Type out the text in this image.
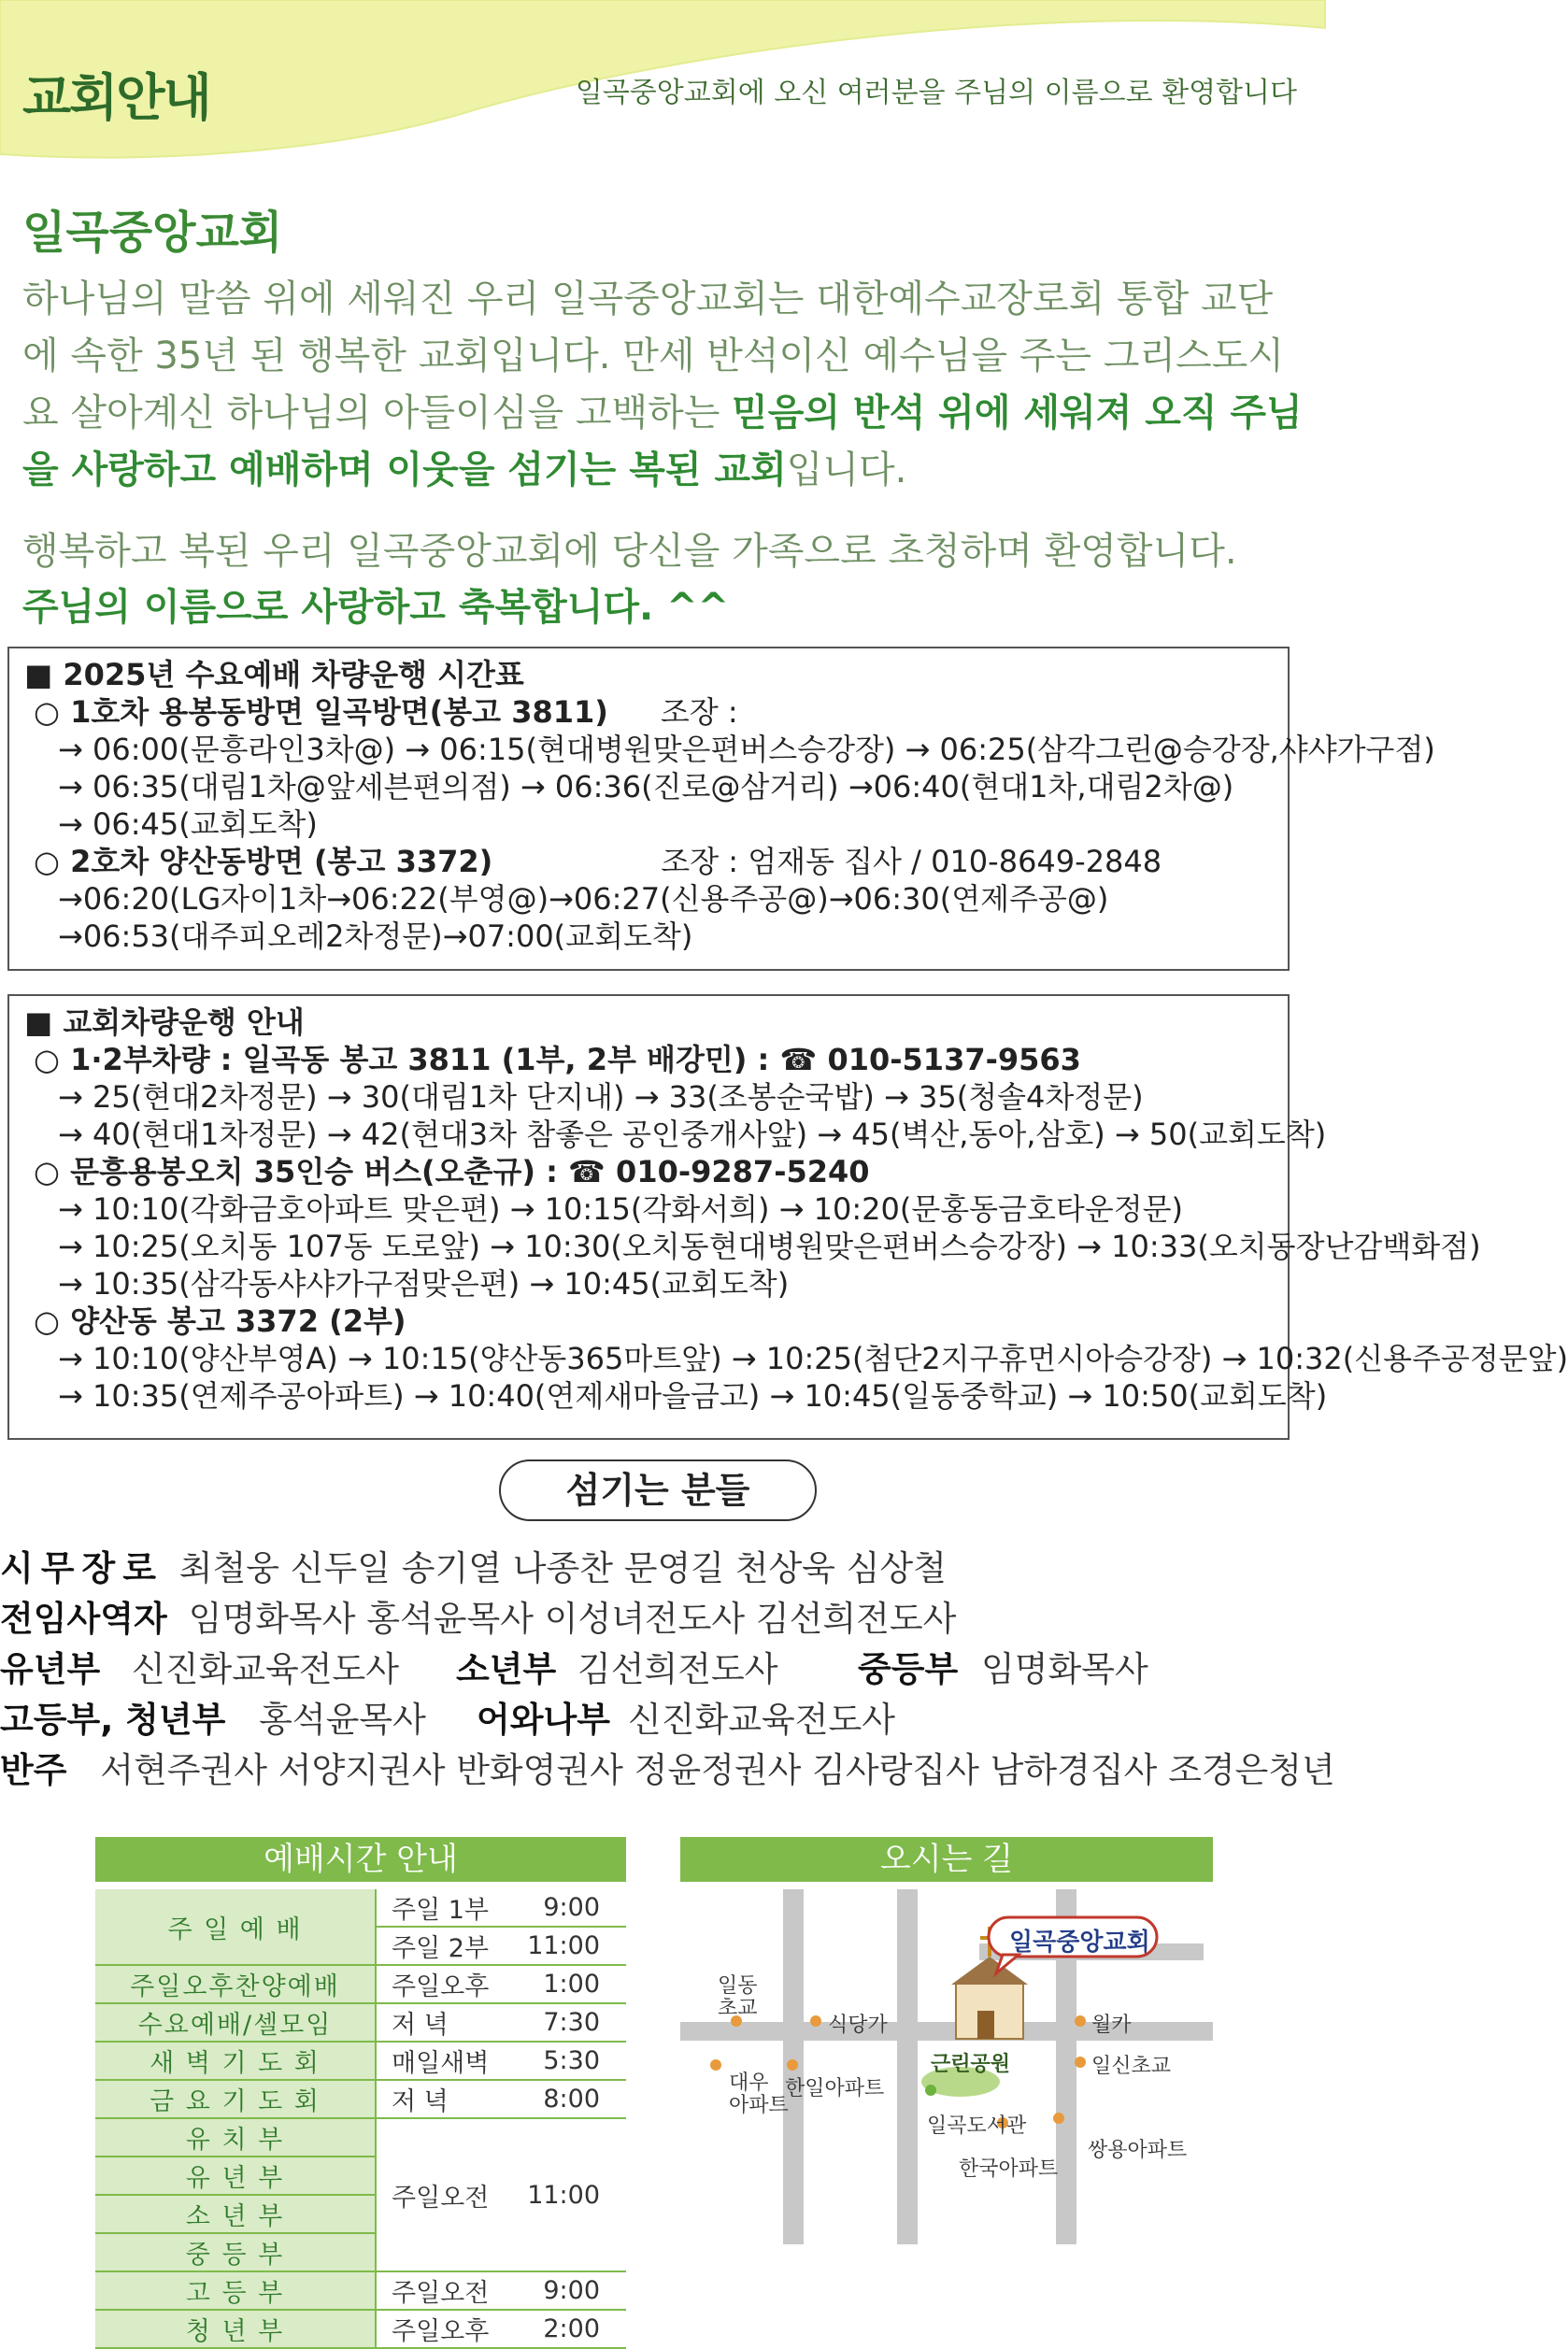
교회안내	일곡중앙교회에 오신 여러분을 주님의 이름으로 환영합니다
일곡중앙교회
하나님의 말씀 위에 세워진 우리 일곡중앙교회는 대한예수교장로회 통합 교단에 속한 35년 된 행복한 교회입니다. 만세 반석이신 예수님을 주는 그리스도시요 살아계신 하나님의 아들이심을 고백하는 믿음의 반석 위에 세워져 오직 주님을 사랑하고 예배하며 이웃을 섬기는 복된 교회입니다.
행복하고 복된 우리 일곡중앙교회에 당신을 가족으로 초청하며 환영합니다.
주님의 이름으로 사랑하고 축복합니다. ^^
■ 2025년 수요예배 차량운행 시간표
○ 1호차 용봉동방면 일곡방면(봉고 3811) 조장 :
→ 06:00(문흥라인3차@) → 06:15(현대병원맞은편버스승강장) → 06:25(삼각그린@승강장,샤샤가구점)
→ 06:35(대림1차@앞세븐편의점) → 06:36(진로@삼거리) →06:40(현대1차,대림2차@)
→ 06:45(교회도착)
○ 2호차 양산동방면 (봉고 3372)	조장 : 엄재동 집사 / 010-8649-2848
→06:20(LG자이1차→06:22(부영@)→06:27(신용주공@)→06:30(연제주공@)
→06:53(대주피오레2차정문)→07:00(교회도착)
■ 교회차량운행 안내
○ 1·2부차량 : 일곡동 봉고 3811 (1부, 2부 배강민) : ☎ 010-5137-9563
→ 25(현대2차정문) → 30(대림1차 단지내) → 33(조봉순국밥) → 35(청솔4차정문)
→ 40(현대1차정문) → 42(현대3차 참좋은 공인중개사앞) → 45(벽산,동아,삼호) → 50(교회도착)
○ 문흥용봉오치 35인승 버스(오춘규) : ☎ 010-9287-5240
→ 10:10(각화금호아파트 맞은편) → 10:15(각화서희) → 10:20(문홍동금호타운정문)
→ 10:25(오치동 107동 도로앞) → 10:30(오치동현대병원맞은편버스승강장) → 10:33(오치동장난감백화점)
→ 10:35(삼각동샤샤가구점맞은편) → 10:45(교회도착)
○ 양산동 봉고 3372 (2부)
→ 10:10(양산부영A) → 10:15(양산동365마트앞) → 10:25(첨단2지구휴먼시아승강장) → 10:32(신용주공정문앞)
→ 10:35(연제주공아파트) → 10:40(연제새마을금고) → 10:45(일동중학교) → 10:50(교회도착)
섬기는 분들
시무장로 최철웅 신두일 송기열 나종찬 문영길 천상욱 심상철
전임사역자 임명화목사 홍석윤목사 이성녀전도사 김선희전도사
유년부 신진화교육전도사 소년부 김선희전도사 중등부 임명화목사
고등부, 청년부 홍석윤목사 어와나부 신진화교육전도사
반주 서현주권사 서양지권사 반화영권사 정윤정권사 김사랑집사 남하경집사 조경은청년
예배시간 안내
주 일 예 배	주일 1부	9:00
	주일 2부	11:00
주일오후찬양예배	주일오후	1:00
수요예배/셀모임	저 녁	7:30
새 벽 기 도 회	매일새벽	5:30
금 요 기 도 회	저 녁	8:00
유 치 부	주일오전	11:00
유 년 부		
소 년 부		
중 등 부		
고 등 부	주일오전	9:00
청 년 부	주일오후	2:00
오시는 길
일곡중앙교회
일동
초교
식당가	월카
근린공원	일신초교
대우
아파트
한일아파트
일곡도서관
한국아파트
쌍용아파트
